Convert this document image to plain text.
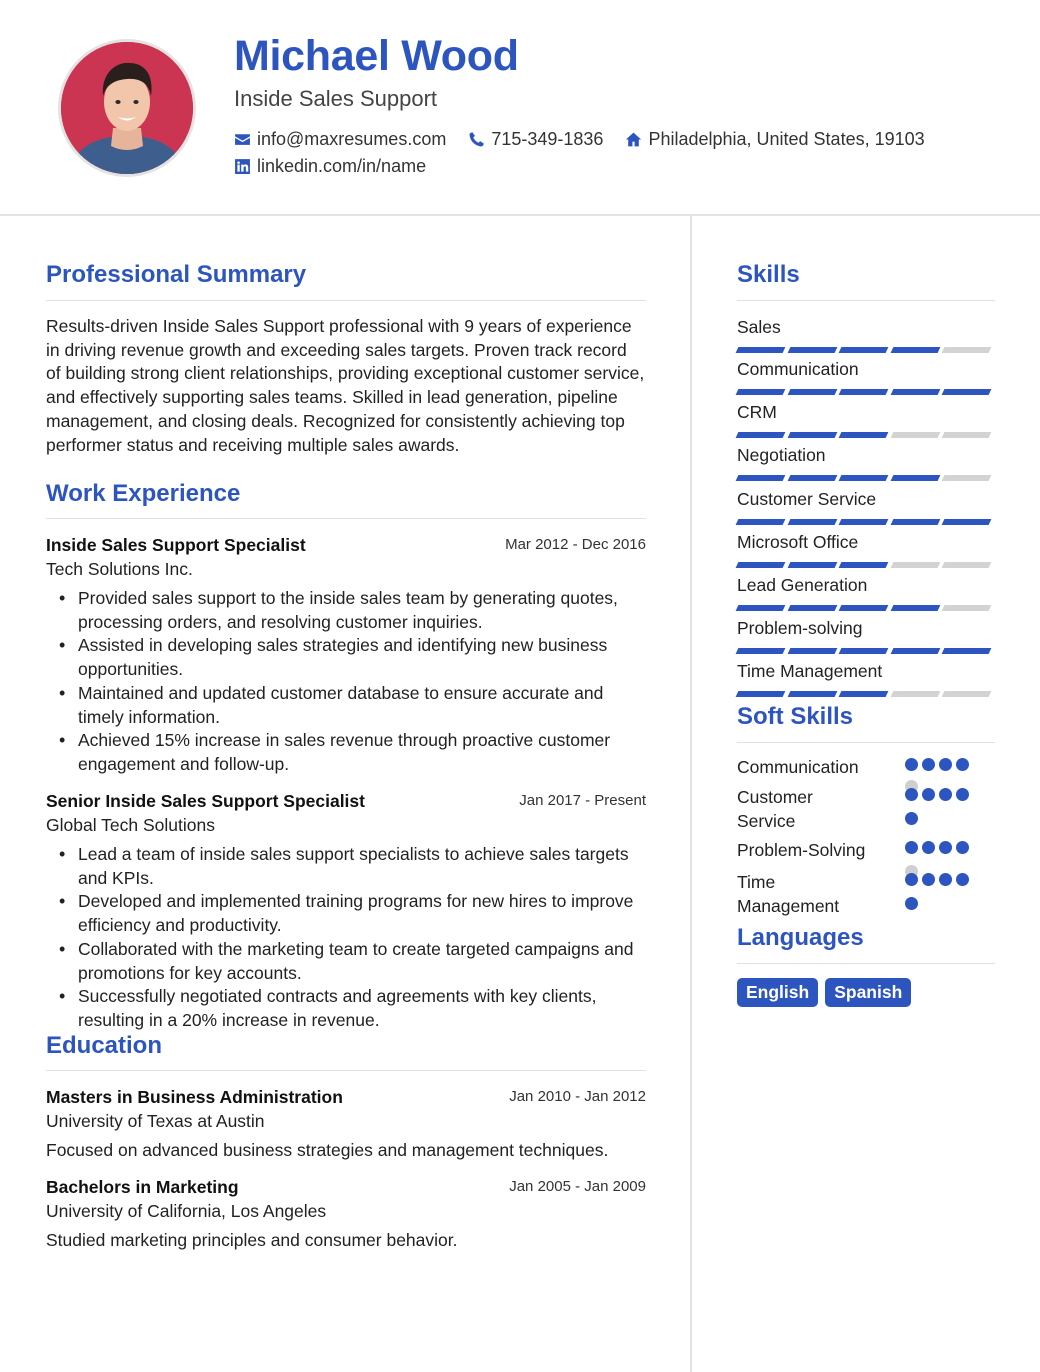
Michael Wood
Inside Sales Support
info@maxresumes.com	715-349-1836	Philadelphia, United States, 19103
linkedin.com/in/name
Professional Summary
Results-driven Inside Sales Support professional with 9 years of experience in driving revenue growth and exceeding sales targets. Proven track record of building strong client relationships, providing exceptional customer service, and effectively supporting sales teams. Skilled in lead generation, pipeline management, and closing deals. Recognized for consistently achieving top performer status and receiving multiple sales awards.
Work Experience
Inside Sales Support Specialist	Mar 2012 - Dec 2016
Tech Solutions Inc.
• Provided sales support to the inside sales team by generating quotes, processing orders, and resolving customer inquiries.
• Assisted in developing sales strategies and identifying new business opportunities.
• Maintained and updated customer database to ensure accurate and timely information.
• Achieved 15% increase in sales revenue through proactive customer engagement and follow-up.
Senior Inside Sales Support Specialist	Jan 2017 - Present
Global Tech Solutions
• Lead a team of inside sales support specialists to achieve sales targets and KPIs.
• Developed and implemented training programs for new hires to improve efficiency and productivity.
• Collaborated with the marketing team to create targeted campaigns and promotions for key accounts.
• Successfully negotiated contracts and agreements with key clients, resulting in a 20% increase in revenue.
Education
Masters in Business Administration	Jan 2010 - Jan 2012
University of Texas at Austin
Focused on advanced business strategies and management techniques.
Bachelors in Marketing	Jan 2005 - Jan 2009
University of California, Los Angeles
Studied marketing principles and consumer behavior.
Skills
Sales
Communication
CRM
Negotiation
Customer Service
Microsoft Office
Lead Generation
Problem-solving
Time Management
Soft Skills
Communication
Customer Service
Problem-Solving
Time Management
Languages
English	Spanish
